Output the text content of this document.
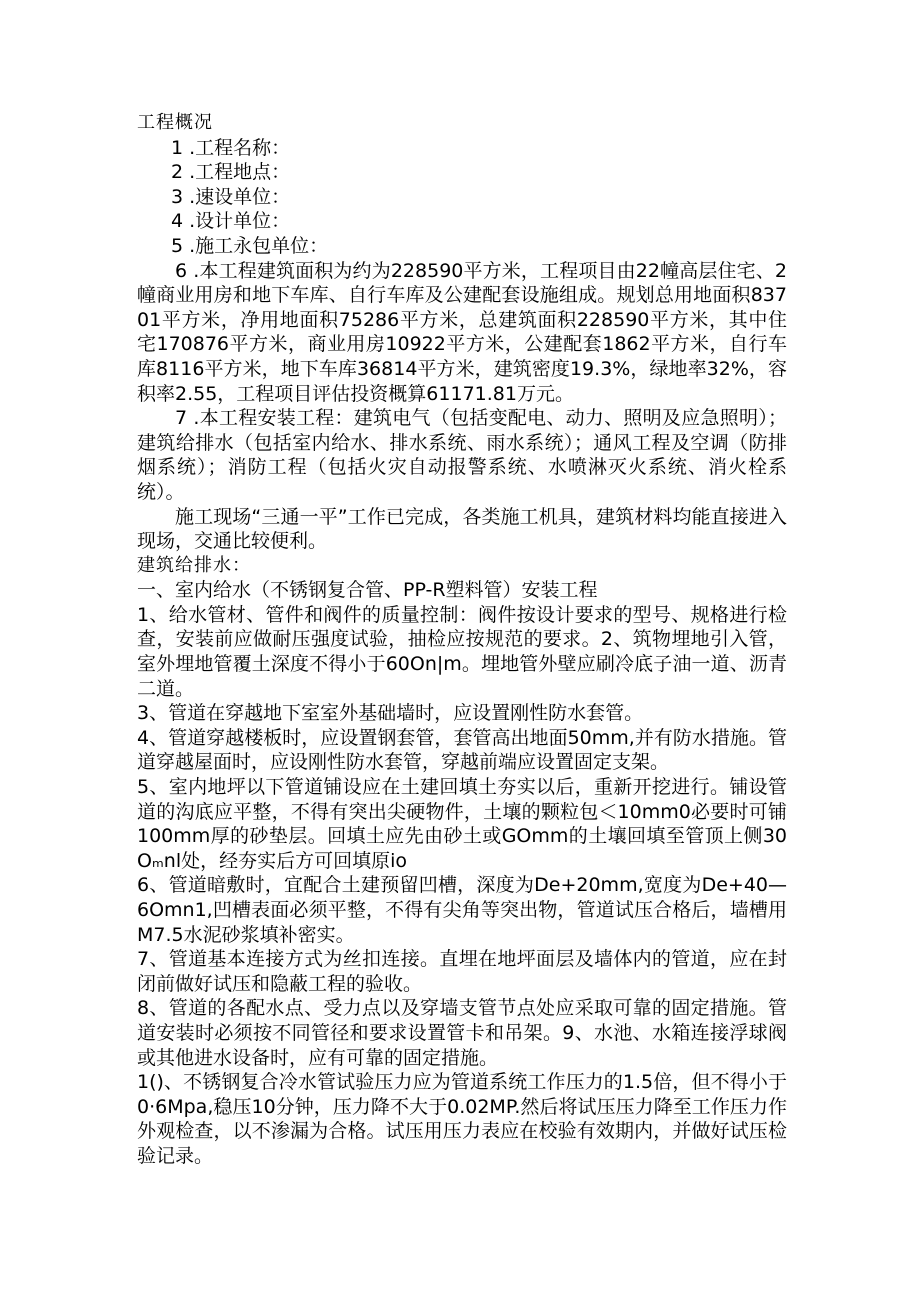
工程概况

1 .工程名称：

2 .工程地点：

3 .速设单位：

4 .设计单位：

5 .施工永包单位：

6 .本工程建筑面积为约为228590平方米，工程项目由22幢高层住宅、2幢商业用房和地下车库、自行车库及公建配套设施组成。规划总用地面积83701平方米，净用地面积75286平方米，总建筑面积228590平方米，其中住宅170876平方米，商业用房10922平方米，公建配套1862平方米，自行车库8116平方米，地下车库36814平方米，建筑密度19.3%，绿地率32%，容积率2.55，工程项目评估投资概算61171.81万元。

7 .本工程安装工程：建筑电气（包括变配电、动力、照明及应急照明）；建筑给排水（包括室内给水、排水系统、雨水系统）；通风工程及空调（防排烟系统）；消防工程（包括火灾自动报警系统、水喷淋灭火系统、消火栓系统）。

施工现场“三通一平”工作已完成，各类施工机具，建筑材料均能直接进入现场，交通比较便利。

建筑给排水：

一、室内给水（不锈钢复合管、PP-R塑料管）安装工程

1、给水管材、管件和阀件的质量控制：阀件按设计要求的型号、规格进行检查，安装前应做耐压强度试验，抽检应按规范的要求。2、筑物埋地引入管，室外埋地管覆土深度不得小于60On|m。埋地管外壁应刷冷底子油一道、沥青二道。

3、管道在穿越地下室室外基础墙时，应设置刚性防水套管。

4、管道穿越楼板时，应设置钢套管，套管高出地面50mm,并有防水措施。管道穿越屋面时，应设刚性防水套管，穿越前端应设置固定支架。

5、室内地坪以下管道铺设应在土建回填土夯实以后，重新开挖进行。铺设管道的沟底应平整，不得有突出尖硬物件，土壤的颗粒包＜10mm0必要时可铺100mm厚的砂垫层。回填土应先由砂土或GOmm的土壤回填至管顶上侧30Oₘnl处，经夯实后方可回填原io

6、管道暗敷时，宜配合土建预留凹槽，深度为De+20mm,宽度为De+40—6Omn1,凹槽表面必须平整，不得有尖角等突出物，管道试压合格后，墙槽用M7.5水泥砂浆填补密实。

7、管道基本连接方式为丝扣连接。直埋在地坪面层及墙体内的管道，应在封闭前做好试压和隐蔽工程的验收。

8、管道的各配水点、受力点以及穿墙支管节点处应采取可靠的固定措施。管道安装时必须按不同管径和要求设置管卡和吊架。9、水池、水箱连接浮球阀或其他进水设备时，应有可靠的固定措施。

1()、不锈钢复合冷水管试验压力应为管道系统工作压力的1.5倍，但不得小于0·6Mpa,稳压10分钟，压力降不大于0.02MP.然后将试压压力降至工作压力作外观检查，以不渗漏为合格。试压用压力表应在校验有效期内，并做好试压检验记录。
